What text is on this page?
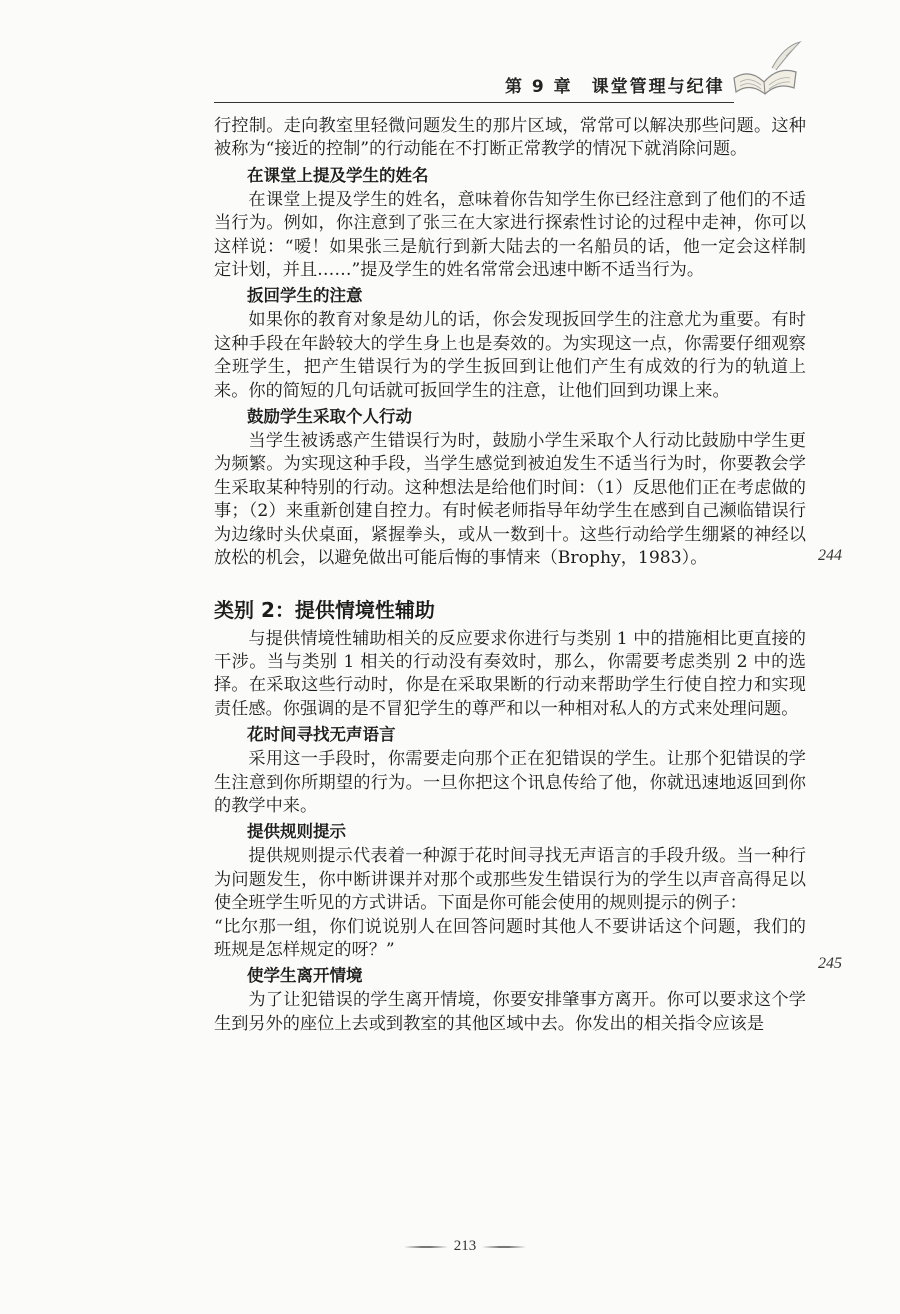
第 9 章　课堂管理与纪律

行控制。走向教室里轻微问题发生的那片区域，常常可以解决那些问题。这种被称为“接近的控制”的行动能在不打断正常教学的情况下就消除问题。

在课堂上提及学生的姓名

在课堂上提及学生的姓名，意味着你告知学生你已经注意到了他们的不适当行为。例如，你注意到了张三在大家进行探索性讨论的过程中走神，你可以这样说：“嗳！如果张三是航行到新大陆去的一名船员的话，他一定会这样制定计划，并且……”提及学生的姓名常常会迅速中断不适当行为。

扳回学生的注意

如果你的教育对象是幼儿的话，你会发现扳回学生的注意尤为重要。有时这种手段在年龄较大的学生身上也是奏效的。为实现这一点，你需要仔细观察全班学生，把产生错误行为的学生扳回到让他们产生有成效的行为的轨道上来。你的简短的几句话就可扳回学生的注意，让他们回到功课上来。

鼓励学生采取个人行动

当学生被诱惑产生错误行为时，鼓励小学生采取个人行动比鼓励中学生更为频繁。为实现这种手段，当学生感觉到被迫发生不适当行为时，你要教会学生采取某种特别的行动。这种想法是给他们时间：（1）反思他们正在考虑做的事；（2）来重新创建自控力。有时候老师指导年幼学生在感到自己濒临错误行为边缘时头伏桌面，紧握拳头，或从一数到十。这些行动给学生绷紧的神经以放松的机会，以避免做出可能后悔的事情来（Brophy，1983）。

类别 2：提供情境性辅助

与提供情境性辅助相关的反应要求你进行与类别 1 中的措施相比更直接的干涉。当与类别 1 相关的行动没有奏效时，那么，你需要考虑类别 2 中的选择。在采取这些行动时，你是在采取果断的行动来帮助学生行使自控力和实现责任感。你强调的是不冒犯学生的尊严和以一种相对私人的方式来处理问题。

花时间寻找无声语言

采用这一手段时，你需要走向那个正在犯错误的学生。让那个犯错误的学生注意到你所期望的行为。一旦你把这个讯息传给了他，你就迅速地返回到你的教学中来。

提供规则提示

提供规则提示代表着一种源于花时间寻找无声语言的手段升级。当一种行为问题发生，你中断讲课并对那个或那些发生错误行为的学生以声音高得足以使全班学生听见的方式讲话。下面是你可能会使用的规则提示的例子：

“比尔那一组，你们说说别人在回答问题时其他人不要讲话这个问题，我们的班规是怎样规定的呀？”

使学生离开情境

为了让犯错误的学生离开情境，你要安排肇事方离开。你可以要求这个学生到另外的座位上去或到教室的其他区域中去。你发出的相关指令应该是

244
245
213
